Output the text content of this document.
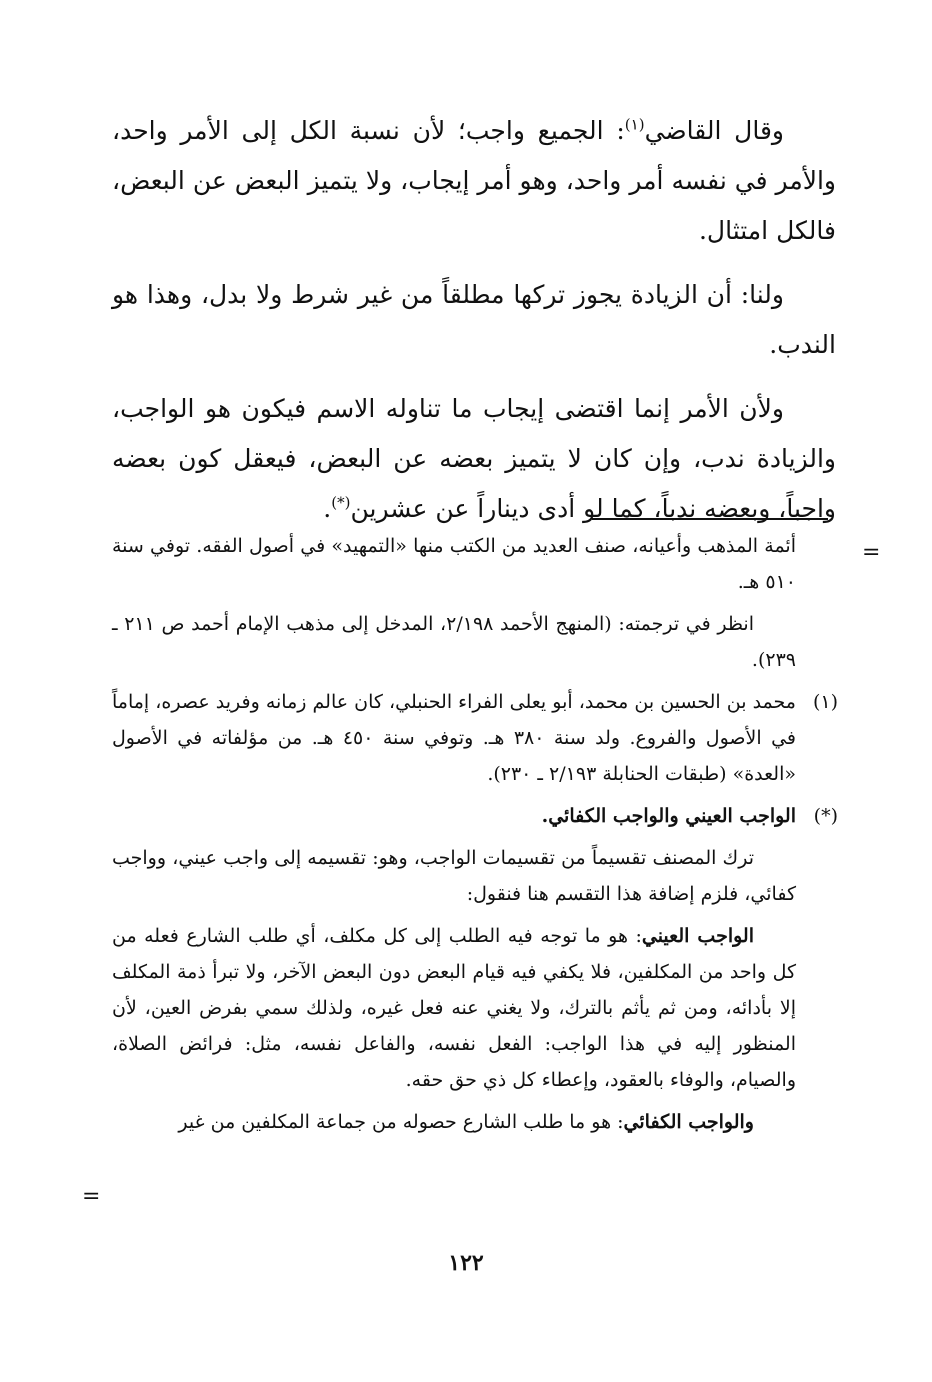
وقال القاضي$^{(١)}$: الجميع واجب؛ لأن نسبة الكل إلى الأمر واحد، والأمر في نفسه أمر واحد، وهو أمر إيجاب، ولا يتميز البعض عن البعض، فالكل امتثال.

ولنا: أن الزيادة يجوز تركها مطلقاً من غير شرط ولا بدل، وهذا هو الندب.

ولأن الأمر إنما اقتضى إيجاب ما تناوله الاسم فيكون هو الواجب، والزيادة ندب، وإن كان لا يتميز بعضه عن البعض، فيعقل كون بعضه واجباً، وبعضه ندباً، كما لو أدى ديناراً عن عشرين(*).

=

أئمة المذهب وأعيانه، صنف العديد من الكتب منها «التمهيد» في أصول الفقه. توفي سنة ٥١٠ هـ.

انظر في ترجمته: (المنهج الأحمد ٢/١٩٨، المدخل إلى مذهب الإمام أحمد ص ٢١١ ـ ٢٣٩).

(١)
محمد بن الحسين بن محمد، أبو يعلى الفراء الحنبلي، كان عالم زمانه وفريد عصره، إماماً في الأصول والفروع. ولد سنة ٣٨٠ هـ. وتوفي سنة ٤٥٠ هـ. من مؤلفاته في الأصول «العدة» (طبقات الحنابلة ٢/١٩٣ ـ ٢٣٠).

(*)
الواجب العيني والواجب الكفائي.

ترك المصنف تقسيماً من تقسيمات الواجب، وهو: تقسيمه إلى واجب عيني، وواجب كفائي، فلزم إضافة هذا التقسم هنا فنقول:

الواجب العيني: هو ما توجه فيه الطلب إلى كل مكلف، أي طلب الشارع فعله من كل واحد من المكلفين، فلا يكفي فيه قيام البعض دون البعض الآخر، ولا تبرأ ذمة المكلف إلا بأدائه، ومن ثم يأثم بالترك، ولا يغني عنه فعل غيره، ولذلك سمي بفرض العين، لأن المنظور إليه في هذا الواجب: الفعل نفسه، والفاعل نفسه، مثل: فرائض الصلاة، والصيام، والوفاء بالعقود، وإعطاء كل ذي حق حقه.

والواجب الكفائي: هو ما طلب الشارع حصوله من جماعة المكلفين من غير

=
١٢٢
